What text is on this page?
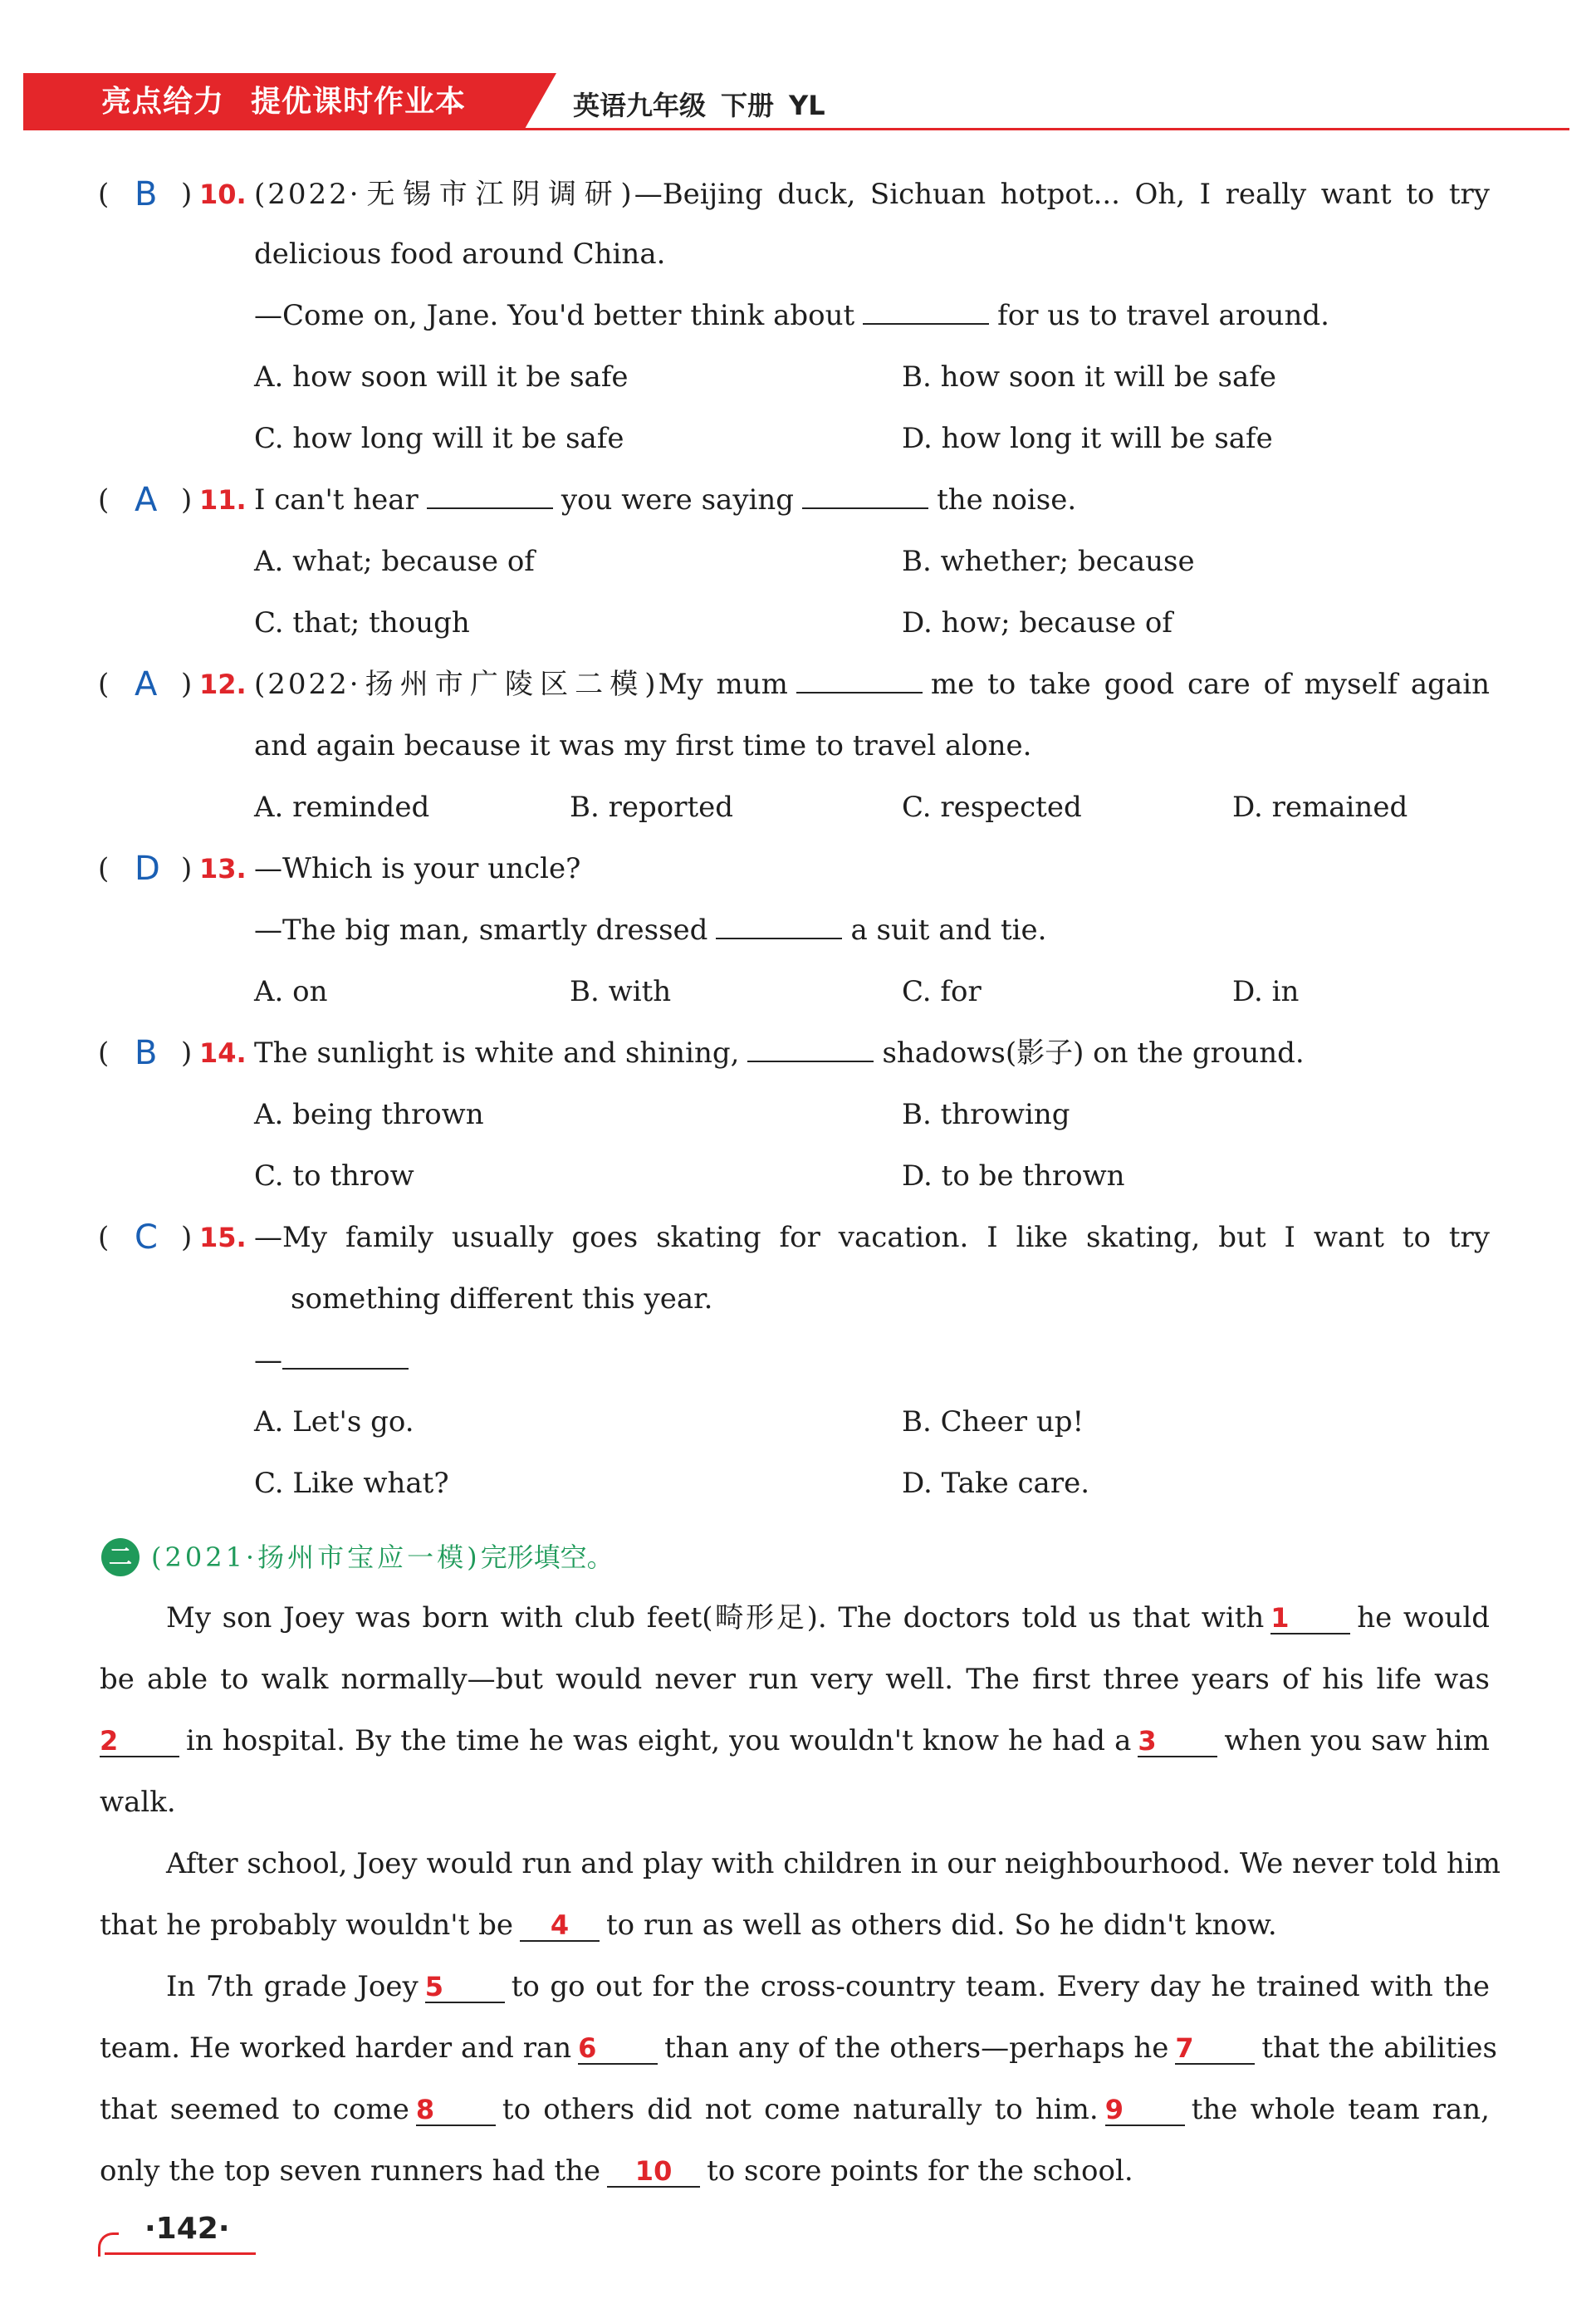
亮点给力 提优课时作业本	英语九年级 下册 YL
( B ) 10. (2022·无锡市江阴调研)—Beijing duck, Sichuan hotpot... Oh, I really want to try
delicious food around China.
—Come on, Jane. You'd better think about	for us to travel around.
A. how soon will it be safe	B. how soon it will be safe
C. how long will it be safe	D. how long it will be safe
( A ) 11. I can't hear	you were saying	the noise.
A. what; because of	B. whether; because
C. that; though	D. how; because of
( A ) 12. (2022·扬州市广陵区二模)My mum	me to take good care of myself again
and again because it was my first time to travel alone.
A. reminded	B. reported	C. respected	D. remained
( D ) 13. —Which is your uncle?
—The big man, smartly dressed	a suit and tie.
A. on	B. with	C. for	D. in
( B ) 14. The sunlight is white and shining,	shadows(影子) on the ground.
A. being thrown	B. throwing
C. to throw	D. to be thrown
( C ) 15. —My family usually goes skating for vacation. I like skating, but I want to try
something different this year.
—
A. Let's go.	B. Cheer up!
C. Like what?	D. Take care.
二 (2021·扬州市宝应一模)完形填空。
My son Joey was born with club feet(畸形足). The doctors told us that with 1 he would
be able to walk normally—but would never run very well. The first three years of his life was
2 in hospital. By the time he was eight, you wouldn't know he had a 3 when you saw him
walk.
After school, Joey would run and play with children in our neighbourhood. We never told him
that he probably wouldn't be 4 to run as well as others did. So he didn't know.
In 7th grade Joey 5 to go out for the cross-country team. Every day he trained with the
team. He worked harder and ran 6 than any of the others—perhaps he 7 that the abilities
that seemed to come 8 to others did not come naturally to him. 9 the whole team ran,
only the top seven runners had the 10 to score points for the school.
·142·
